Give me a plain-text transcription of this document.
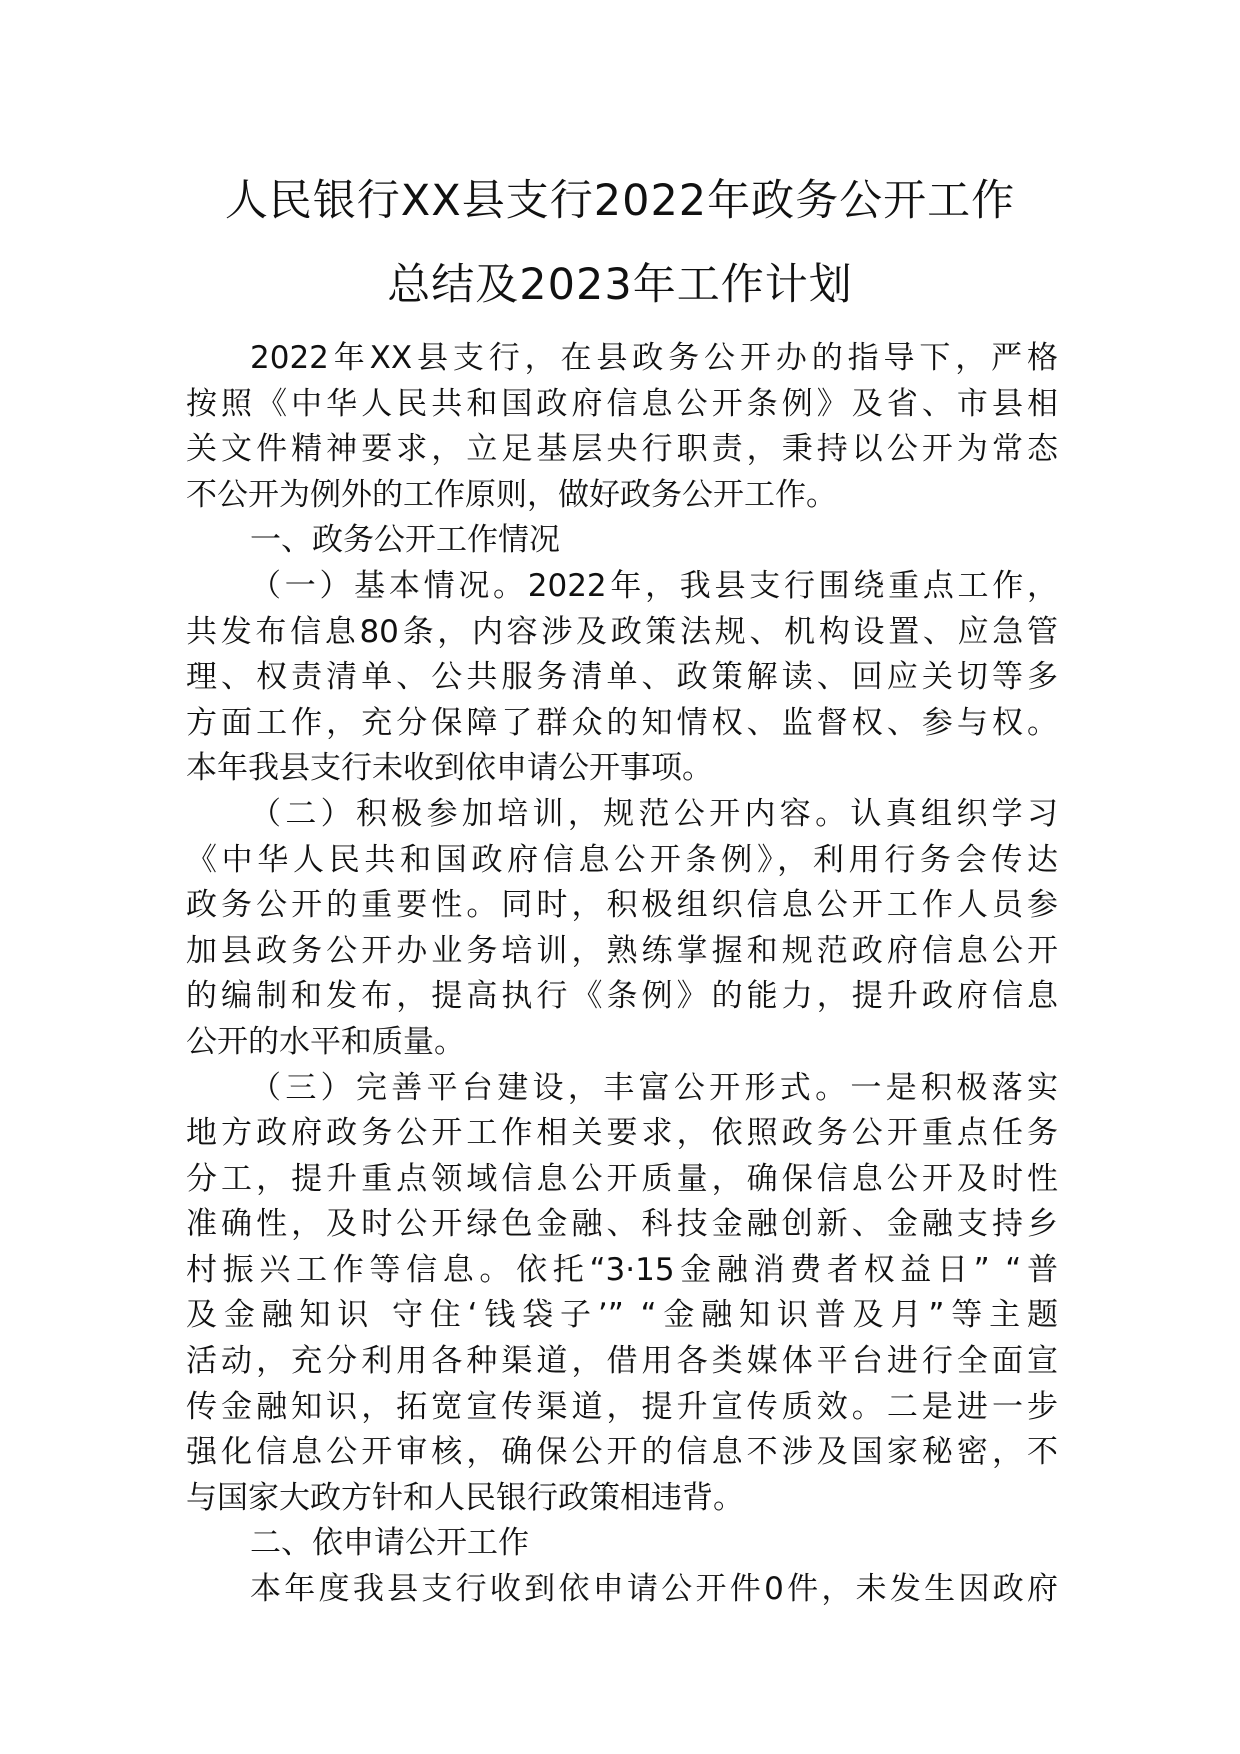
人民银行XX县支行2022年政务公开工作
总结及2023年工作计划
2022年XX县支行，在县政务公开办的指导下，严格
按照《中华人民共和国政府信息公开条例》及省、市县相
关文件精神要求，立足基层央行职责，秉持以公开为常态
不公开为例外的工作原则，做好政务公开工作。
一、政务公开工作情况
（一）基本情况。2022年，我县支行围绕重点工作，
共发布信息80条，内容涉及政策法规、机构设置、应急管
理、权责清单、公共服务清单、政策解读、回应关切等多
方面工作，充分保障了群众的知情权、监督权、参与权。
本年我县支行未收到依申请公开事项。
（二）积极参加培训，规范公开内容。认真组织学习
《中华人民共和国政府信息公开条例》，利用行务会传达
政务公开的重要性。同时，积极组织信息公开工作人员参
加县政务公开办业务培训，熟练掌握和规范政府信息公开
的编制和发布，提高执行《条例》的能力，提升政府信息
公开的水平和质量。
（三）完善平台建设，丰富公开形式。一是积极落实
地方政府政务公开工作相关要求，依照政务公开重点任务
分工，提升重点领域信息公开质量，确保信息公开及时性
准确性，及时公开绿色金融、科技金融创新、金融支持乡
村振兴工作等信息。依托“3·15金融消费者权益日” “普
及金融知识 守住‘钱袋子’” “金融知识普及月”等主题
活动，充分利用各种渠道，借用各类媒体平台进行全面宣
传金融知识，拓宽宣传渠道，提升宣传质效。二是进一步
强化信息公开审核，确保公开的信息不涉及国家秘密，不
与国家大政方针和人民银行政策相违背。
二、依申请公开工作
本年度我县支行收到依申请公开件0件，未发生因政府
